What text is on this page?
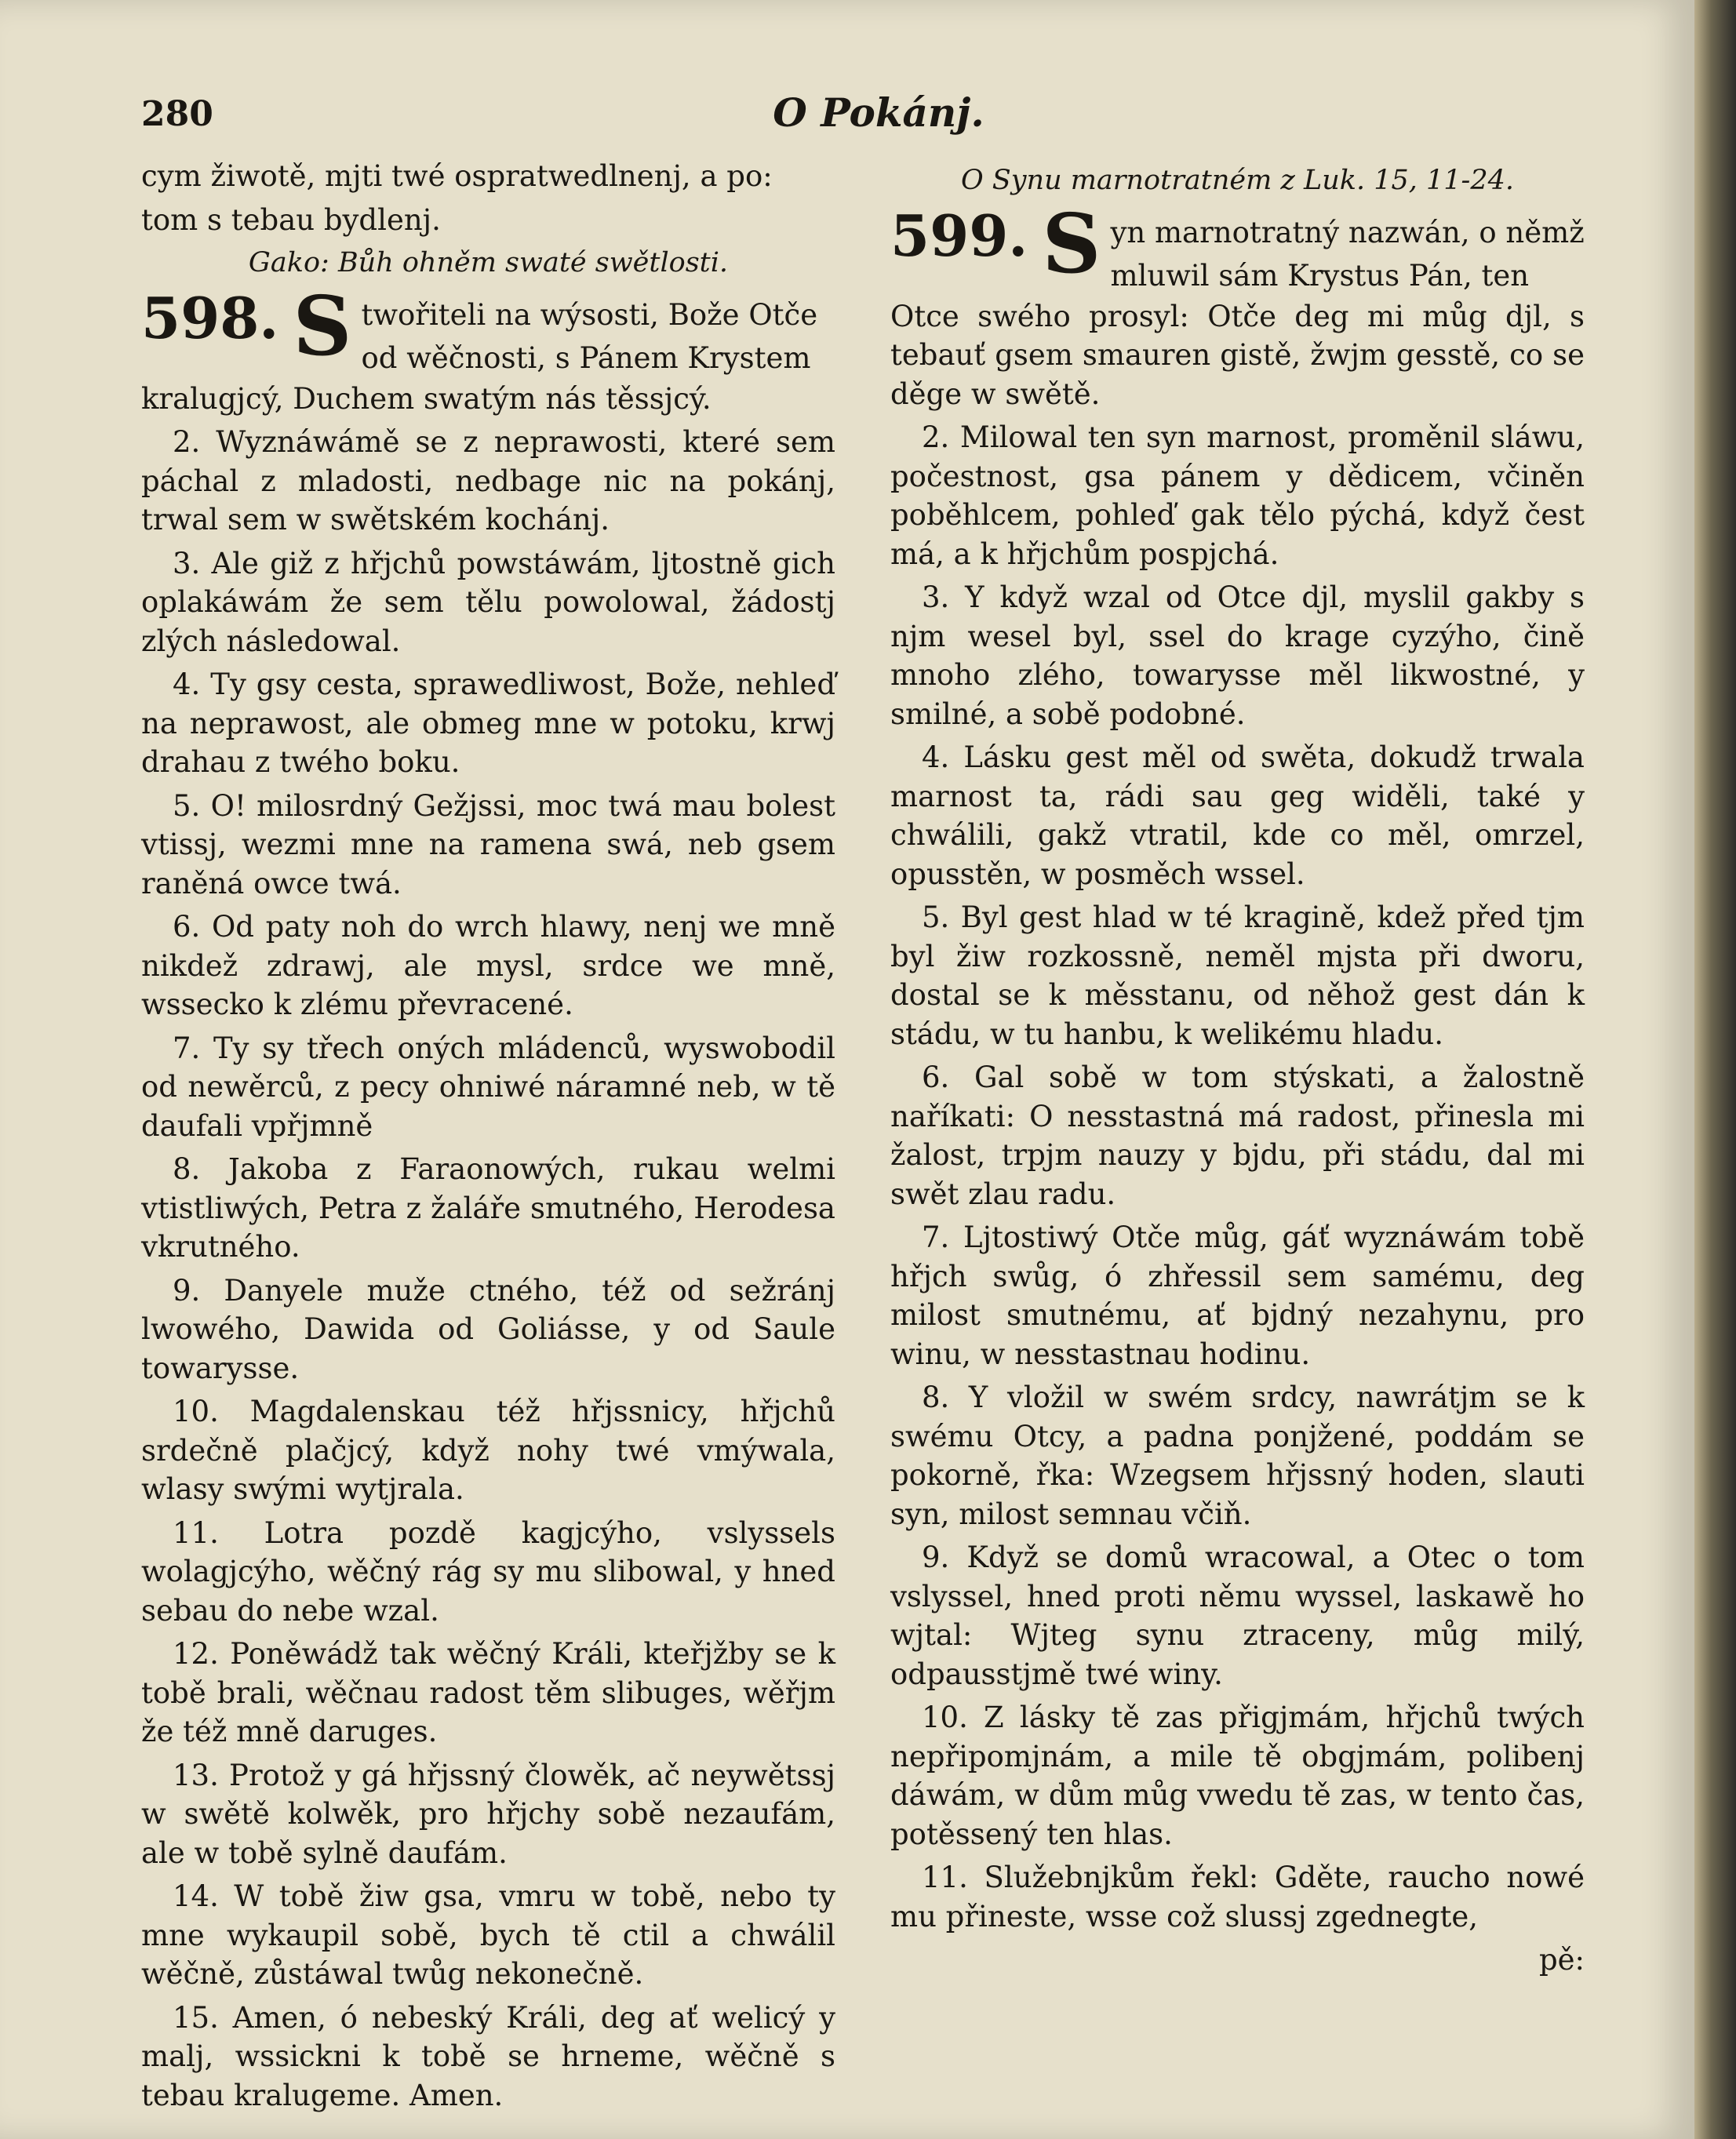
280	O Pokánj.

cym žiwotě, mjti twé ospratwedlnenj, a po:

tom s tebau bydlenj.

Gako: Bůh ohněm swaté swětlosti.

598. S twořiteli na wýsosti, Bože Otče
od wěčnosti, s Pánem Krystem

kralugjcý, Duchem swatým nás těssjcý.

2. Wyznáwámě se z neprawosti, které sem páchal z mladosti, nedbage nic na pokánj, trwal sem w swětském kochánj.

3. Ale giž z hřjchů powstáwám, ljtostně gich oplakáwám že sem tělu powolowal, žádostj zlých následowal.

4. Ty gsy cesta, sprawedliwost, Bože, nehleď na neprawost, ale obmeg mne w potoku, krwj drahau z twého boku.

5. O! milosrdný Gežjssi, moc twá mau bolest vtissj, wezmi mne na ramena swá, neb gsem raněná owce twá.

6. Od paty noh do wrch hlawy, nenj we mně nikdež zdrawj, ale mysl, srdce we mně, wssecko k zlému převracené.

7. Ty sy třech oných mládenců, wyswobodil od newěrců, z pecy ohniwé náramné neb, w tě daufali vpřjmně

8. Jakoba z Faraonowých, rukau welmi vtistliwých, Petra z žaláře smutného, Herodesa vkrutného.

9. Danyele muže ctného, též od sežránj lwowého, Dawida od Goliásse, y od Saule towarysse.

10. Magdalenskau též hřjssnicy, hřjchů srdečně plačjcý, když nohy twé vmýwala, wlasy swými wytjrala.

11. Lotra pozdě kagjcýho, vslyssels wolagjcýho, wěčný rág sy mu slibowal, y hned sebau do nebe wzal.

12. Poněwádž tak wěčný Králi, kteřjžby se k tobě brali, wěčnau radost těm slibuges, wěřjm že též mně daruges.

13. Protož y gá hřjssný člowěk, ač neywětssj w swětě kolwěk, pro hřjchy sobě nezaufám, ale w tobě sylně daufám.

14. W tobě žiw gsa, vmru w tobě, nebo ty mne wykaupil sobě, bych tě ctil a chwálil wěčně, zůstáwal twůg nekonečně.

15. Amen, ó nebeský Králi, deg ať welicý y malj, wssickni k tobě se hrneme, wěčně s tebau kralugeme. Amen.

O Synu marnotratném z Luk. 15, 11-24.

599. S yn marnotratný nazwán, o němž
mluwil sám Krystus Pán, ten

Otce swého prosyl: Otče deg mi můg djl, s tebauť gsem smauren gistě, žwjm gesstě, co se děge w swětě.

2. Milowal ten syn marnost, proměnil sláwu, počestnost, gsa pánem y dědicem, včiněn poběhlcem, pohleď gak tělo pýchá, když čest má, a k hřjchům pospjchá.

3. Y když wzal od Otce djl, myslil gakby s njm wesel byl, ssel do krage cyzýho, čině mnoho zlého, towarysse měl likwostné, y smilné, a sobě podobné.

4. Lásku gest měl od swěta, dokudž trwala marnost ta, rádi sau geg widěli, také y chwálili, gakž vtratil, kde co měl, omrzel, opusstěn, w posměch wssel.

5. Byl gest hlad w té kragině, kdež před tjm byl žiw rozkossně, neměl mjsta při dworu, dostal se k měsstanu, od něhož gest dán k stádu, w tu hanbu, k welikému hladu.

6. Gal sobě w tom stýskati, a žalostně naříkati: O nesstastná má radost, přinesla mi žalost, trpjm nauzy y bjdu, při stádu, dal mi swět zlau radu.

7. Ljtostiwý Otče můg, gáť wyznáwám tobě hřjch swůg, ó zhřessil sem samému, deg milost smutnému, ať bjdný nezahynu, pro winu, w nesstastnau hodinu.

8. Y vložil w swém srdcy, nawrátjm se k swému Otcy, a padna ponjžené, poddám se pokorně, řka: Wzegsem hřjssný hoden, slauti syn, milost semnau včiň.

9. Když se domů wracowal, a Otec o tom vslyssel, hned proti němu wyssel, laskawě ho wjtal: Wjteg synu ztraceny, můg milý, odpausstjmě twé winy.

10. Z lásky tě zas přigjmám, hřjchů twých nepřipomjnám, a mile tě obgjmám, polibenj dáwám, w dům můg vwedu tě zas, w tento čas, potěssený ten hlas.

11. Služebnjkům řekl: Gděte, raucho nowé mu přineste, wsse což slussj zgednegte,

pě:
